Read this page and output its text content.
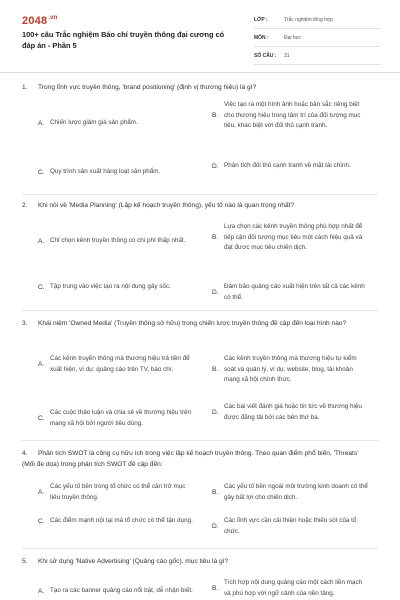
$2048^{.vn}$
100+ câu Trắc nghiệm Báo chí truyền thông đại cương có đáp án - Phần 5
LỚP :	Trắc nghiệm tổng hợp
MÔN :	Đại học
SỐ CÂU :	31
1. Trong lĩnh vực truyền thông, 'brand positioning' (định vị thương hiệu) là gì?
A. Chiến lược giảm giá sản phẩm.
B.
Việc tạo ra một hình ảnh hoặc bản sắc riêng biệt cho thương hiệu trong tâm trí của đối tượng mục tiêu, khác biệt với đối thủ cạnh tranh.
C. Quy trình sản xuất hàng loạt sản phẩm.
D. Phân tích đối thủ cạnh tranh về mặt tài chính.
2. Khi nói về 'Media Planning' (Lập kế hoạch truyền thông), yếu tố nào là quan trọng nhất?
A. Chỉ chọn kênh truyền thông có chi phí thấp nhất.	B.
Lựa chọn các kênh truyền thông phù hợp nhất để tiếp cận đối tượng mục tiêu một cách hiệu quả và đạt được mục tiêu chiến dịch.
C. Tập trung vào việc tạo ra nội dung gây sốc.
D.
Đảm bảo quảng cáo xuất hiện trên tất cả các kênh có thể.
3. Khái niệm 'Owned Media' (Truyền thông sở hữu) trong chiến lược truyền thông đề cập đến loại hình nào?
A.
Các kênh truyền thông mà thương hiệu trả tiền để xuất hiện, ví dụ: quảng cáo trên TV, báo chí.	B.
Các kênh truyền thông mà thương hiệu tự kiểm soát và quản lý, ví dụ: website, blog, tài khoản mạng xã hội chính thức.
C.
Các cuộc thảo luận và chia sẻ về thương hiệu trên mạng xã hội bởi người tiêu dùng.
D.
Các bài viết đánh giá hoặc tin tức về thương hiệu được đăng tải bởi các bên thứ ba.
4. Phân tích SWOT là công cụ hữu ích trong việc lập kế hoạch truyền thông. Theo quan điểm phổ biến, 'Threats' (Mối đe dọa) trong phân tích SWOT đề cập đến:
A.
Các yếu tố bên trong tổ chức có thể cản trở mục tiêu truyền thông.
B.
Các yếu tố bên ngoài môi trường kinh doanh có thể gây bất lợi cho chiến dịch.
C. Các điểm mạnh nội tại mà tổ chức có thể tận dụng.
D.
Các lĩnh vực cần cải thiện hoặc thiếu sót của tổ chức.
5. Khi sử dụng 'Native Advertising' (Quảng cáo gốc), mục tiêu là gì?
A. Tạo ra các banner quảng cáo nổi bật, dễ nhận biết.	B.
Tích hợp nội dung quảng cáo một cách liền mạch và phù hợp với ngữ cảnh của nền tảng.
